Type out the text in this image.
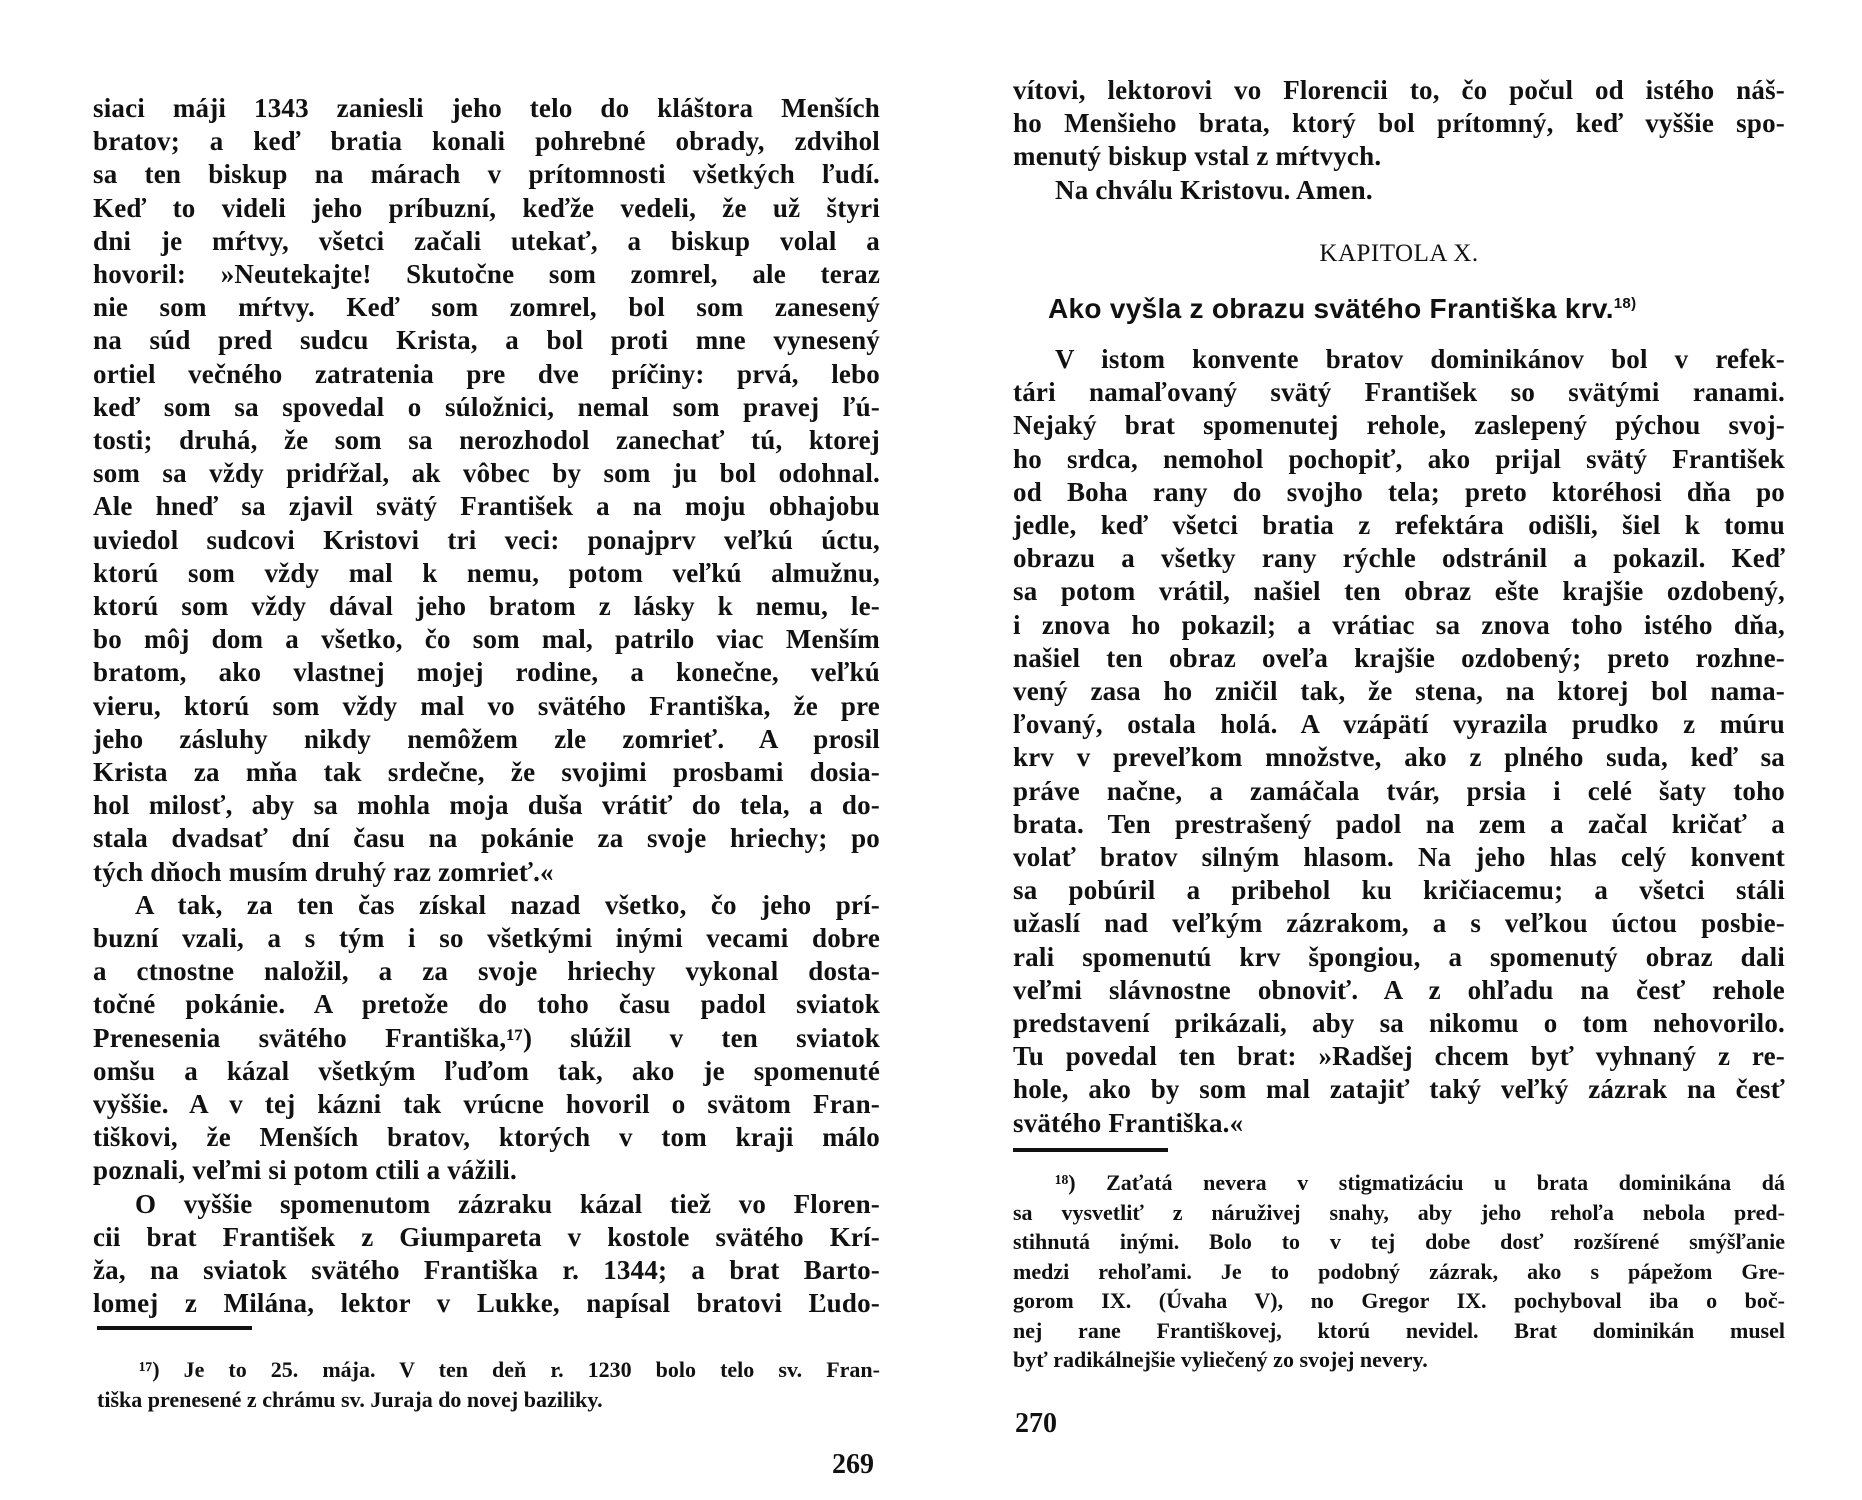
siaci máji 1343 zaniesli jeho telo do kláštora Menších
bratov; a keď bratia konali pohrebné obrady, zdvihol
sa ten biskup na márach v prítomnosti všetkých ľudí.
Keď to videli jeho príbuzní, keďže vedeli, že už štyri
dni je mŕtvy, všetci začali utekať, a biskup volal a
hovoril: »Neutekajte! Skutočne som zomrel, ale teraz
nie som mŕtvy. Keď som zomrel, bol som zanesený
na súd pred sudcu Krista, a bol proti mne vynesený
ortiel večného zatratenia pre dve príčiny: prvá, lebo
keď som sa spovedal o súložnici, nemal som pravej ľú-
tosti; druhá, že som sa nerozhodol zanechať tú, ktorej
som sa vždy pridŕžal, ak vôbec by som ju bol odohnal.
Ale hneď sa zjavil svätý František a na moju obhajobu
uviedol sudcovi Kristovi tri veci: ponajprv veľkú úctu,
ktorú som vždy mal k nemu, potom veľkú almužnu,
ktorú som vždy dával jeho bratom z lásky k nemu, le-
bo môj dom a všetko, čo som mal, patrilo viac Menším
bratom, ako vlastnej mojej rodine, a konečne, veľkú
vieru, ktorú som vždy mal vo svätého Františka, že pre
jeho zásluhy nikdy nemôžem zle zomrieť. A prosil
Krista za mňa tak srdečne, že svojimi prosbami dosia-
hol milosť, aby sa mohla moja duša vrátiť do tela, a do-
stala dvadsať dní času na pokánie za svoje hriechy; po
tých dňoch musím druhý raz zomrieť.«
A tak, za ten čas získal nazad všetko, čo jeho prí-
buzní vzali, a s tým i so všetkými inými vecami dobre
a ctnostne naložil, a za svoje hriechy vykonal dosta-
točné pokánie. A pretože do toho času padol sviatok
Prenesenia svätého Františka,¹⁷) slúžil v ten sviatok
omšu a kázal všetkým ľuďom tak, ako je spomenuté
vyššie. A v tej kázni tak vrúcne hovoril o svätom Fran-
tiškovi, že Menších bratov, ktorých v tom kraji málo
poznali, veľmi si potom ctili a vážili.
O vyššie spomenutom zázraku kázal tiež vo Floren-
cii brat František z Giumpareta v kostole svätého Krí-
ža, na sviatok svätého Františka r. 1344; a brat Barto-
lomej z Milána, lektor v Lukke, napísal bratovi Ľudo-
¹⁷) Je to 25. mája. V ten deň r. 1230 bolo telo sv. Fran-
tiška prenesené z chrámu sv. Juraja do novej baziliky.
269
vítovi, lektorovi vo Florencii to, čo počul od istého náš-
ho Menšieho brata, ktorý bol prítomný, keď vyššie spo-
menutý biskup vstal z mŕtvych.
Na chválu Kristovu. Amen.
KAPITOLA X.
Ako vyšla z obrazu svätého Františka krv.$^{18)}$
V istom konvente bratov dominikánov bol v refek-
tári namaľovaný svätý František so svätými ranami.
Nejaký brat spomenutej rehole, zaslepený pýchou svoj-
ho srdca, nemohol pochopiť, ako prijal svätý František
od Boha rany do svojho tela; preto ktoréhosi dňa po
jedle, keď všetci bratia z refektára odišli, šiel k tomu
obrazu a všetky rany rýchle odstránil a pokazil. Keď
sa potom vrátil, našiel ten obraz ešte krajšie ozdobený,
i znova ho pokazil; a vrátiac sa znova toho istého dňa,
našiel ten obraz oveľa krajšie ozdobený; preto rozhne-
vený zasa ho zničil tak, že stena, na ktorej bol nama-
ľovaný, ostala holá. A vzápätí vyrazila prudko z múru
krv v preveľkom množstve, ako z plného suda, keď sa
práve načne, a zamáčala tvár, prsia i celé šaty toho
brata. Ten prestrašený padol na zem a začal kričať a
volať bratov silným hlasom. Na jeho hlas celý konvent
sa pobúril a pribehol ku kričiacemu; a všetci stáli
užaslí nad veľkým zázrakom, a s veľkou úctou posbie-
rali spomenutú krv špongiou, a spomenutý obraz dali
veľmi slávnostne obnoviť. A z ohľadu na česť rehole
predstavení prikázali, aby sa nikomu o tom nehovorilo.
Tu povedal ten brat: »Radšej chcem byť vyhnaný z re-
hole, ako by som mal zatajiť taký veľký zázrak na česť
svätého Františka.«
¹⁸) Zaťatá nevera v stigmatizáciu u brata dominikána dá
sa vysvetliť z náruživej snahy, aby jeho rehoľa nebola pred-
stihnutá inými. Bolo to v tej dobe dosť rozšírené smýšľanie
medzi rehoľami. Je to podobný zázrak, ako s pápežom Gre-
gorom IX. (Úvaha V), no Gregor IX. pochyboval iba o boč-
nej rane Františkovej, ktorú nevidel. Brat dominikán musel
byť radikálnejšie vyliečený zo svojej nevery.
270
